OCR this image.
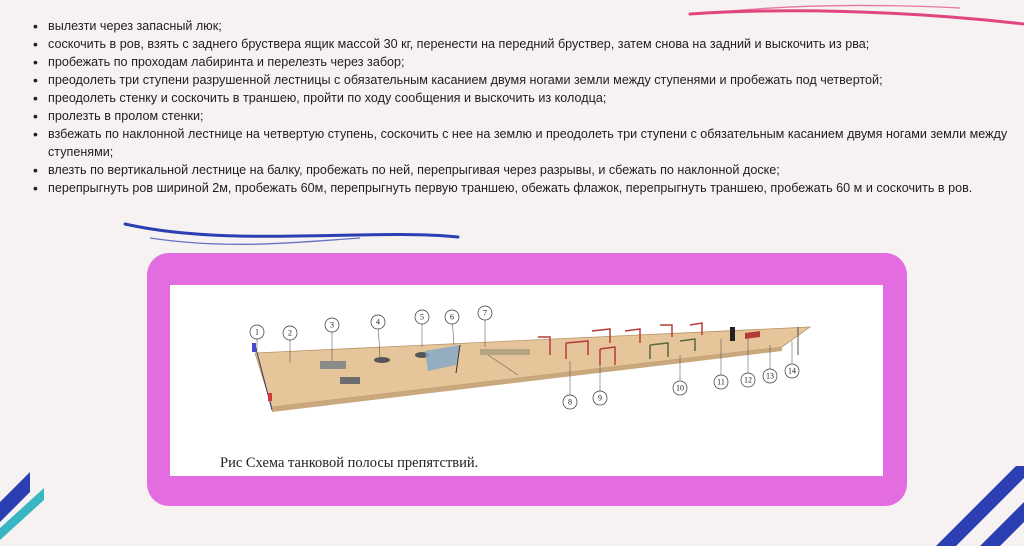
• вылезти через запасный люк;
• соскочить в ров, взять с заднего бруствера ящик массой 30 кг, перенести на передний бруствер, затем снова на задний и выскочить из рва;
• пробежать по проходам лабиринта и перелезть через забор;
• преодолеть три ступени разрушенной лестницы с обязательным касанием двумя ногами земли между ступенями и пробежать под четвертой;
• преодолеть стенку и соскочить в траншею, пройти по ходу сообщения и выскочить из колодца;
• пролезть в пролом стенки;
• взбежать по наклонной лестнице на четвертую ступень, соскочить с нее на землю и преодолеть три ступени с обязательным касанием двумя ногами земли между ступенями;
• влезть по вертикальной лестнице на балку, пробежать по ней, перепрыгивая через разрывы, и сбежать по наклонной доске;
• перепрыгнуть ров шириной 2м, пробежать 60м, перепрыгнуть первую траншею, обежать флажок, перепрыгнуть траншею, пробежать 60 м и соскочить в ров.
1	2
3	4
5	6	7
8	9
10
11 12 13
14
Рис Схема танковой полосы препятствий.
